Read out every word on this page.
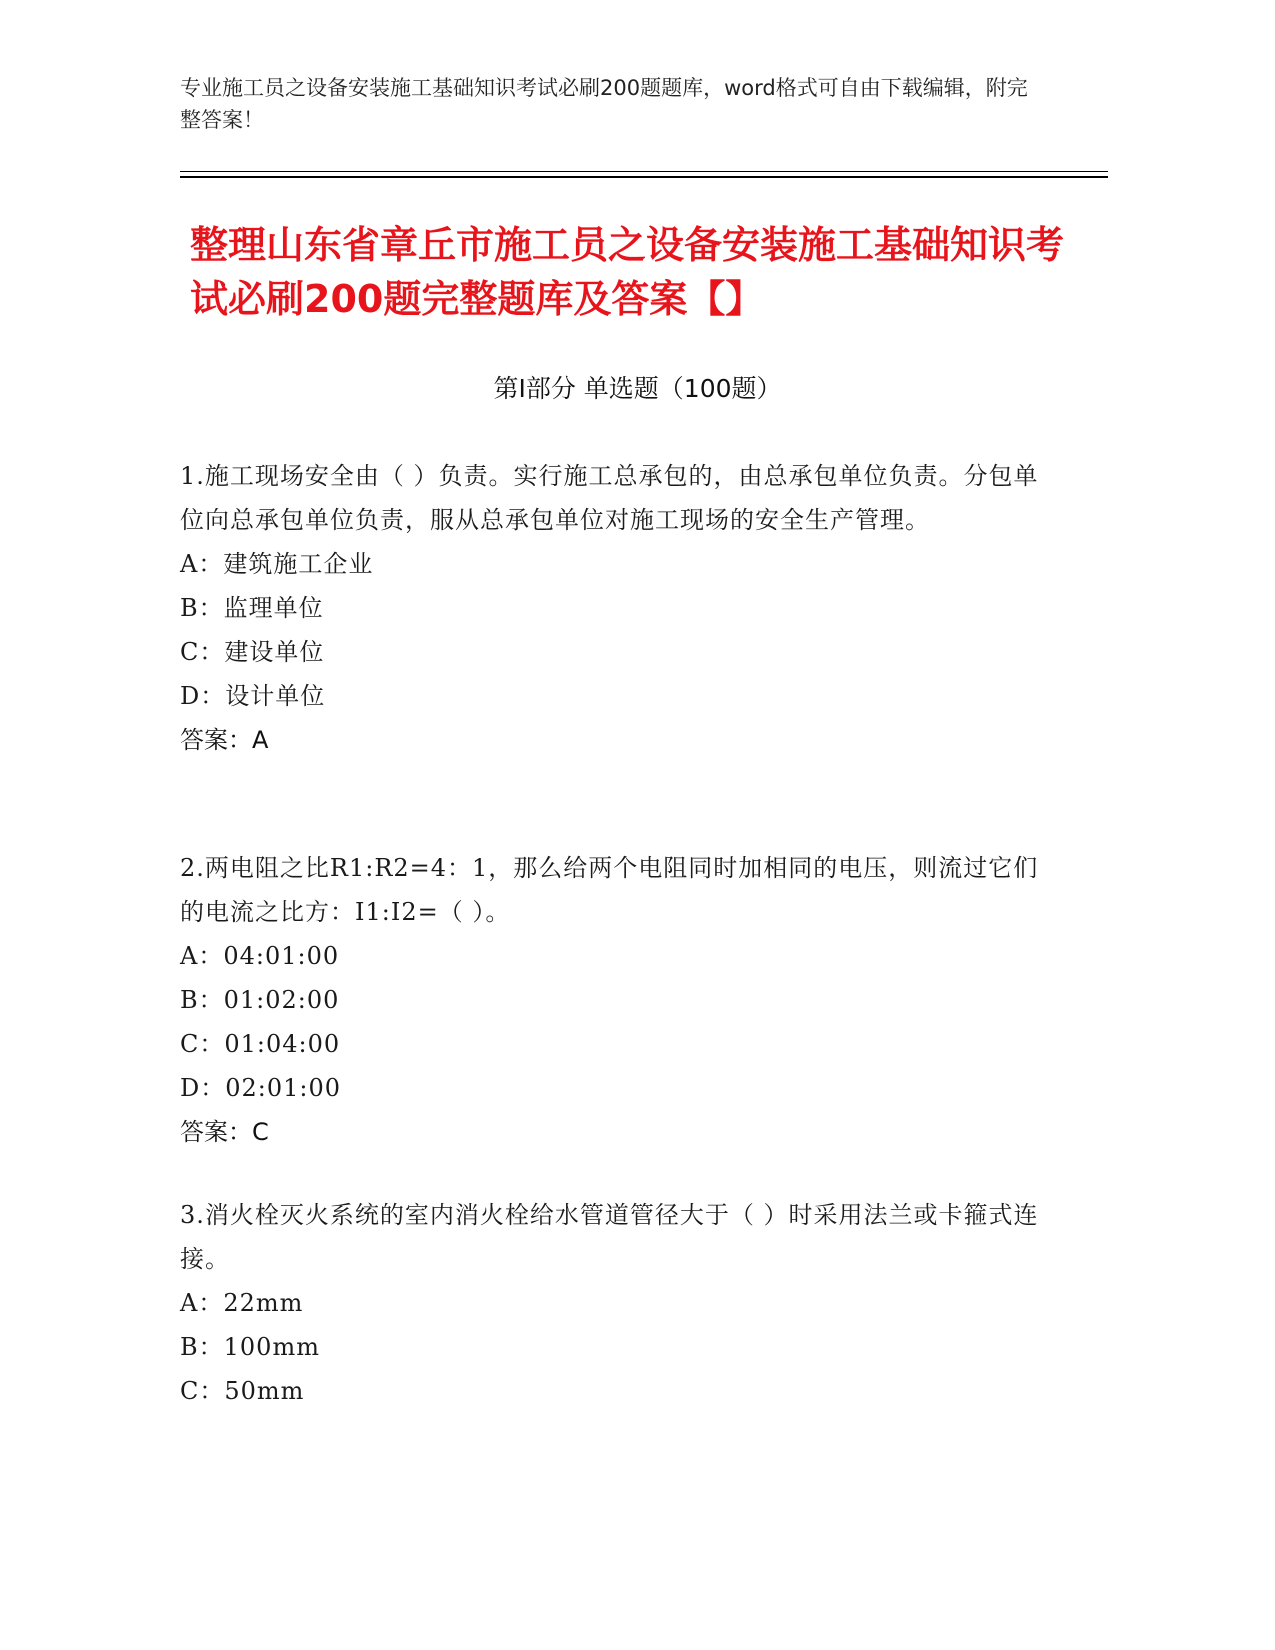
专业施工员之设备安装施工基础知识考试必刷200题题库，word格式可自由下载编辑，附完整答案！
整理山东省章丘市施工员之设备安装施工基础知识考试必刷200题完整题库及答案【】
第Ⅰ部分 单选题（100题）
1.施工现场安全由（ ）负责。实行施工总承包的，由总承包单位负责。分包单位向总承包单位负责，服从总承包单位对施工现场的安全生产管理。
A：建筑施工企业
B：监理单位
C：建设单位
D：设计单位
答案：A
2.两电阻之比R1:R2=4：1，那么给两个电阻同时加相同的电压，则流过它们的电流之比方：I1:I2=（ ）。
A：04:01:00
B：01:02:00
C：01:04:00
D：02:01:00
答案：C
3.消火栓灭火系统的室内消火栓给水管道管径大于（ ）时采用法兰或卡箍式连接。
A：22mm
B：100mm
C：50mm
